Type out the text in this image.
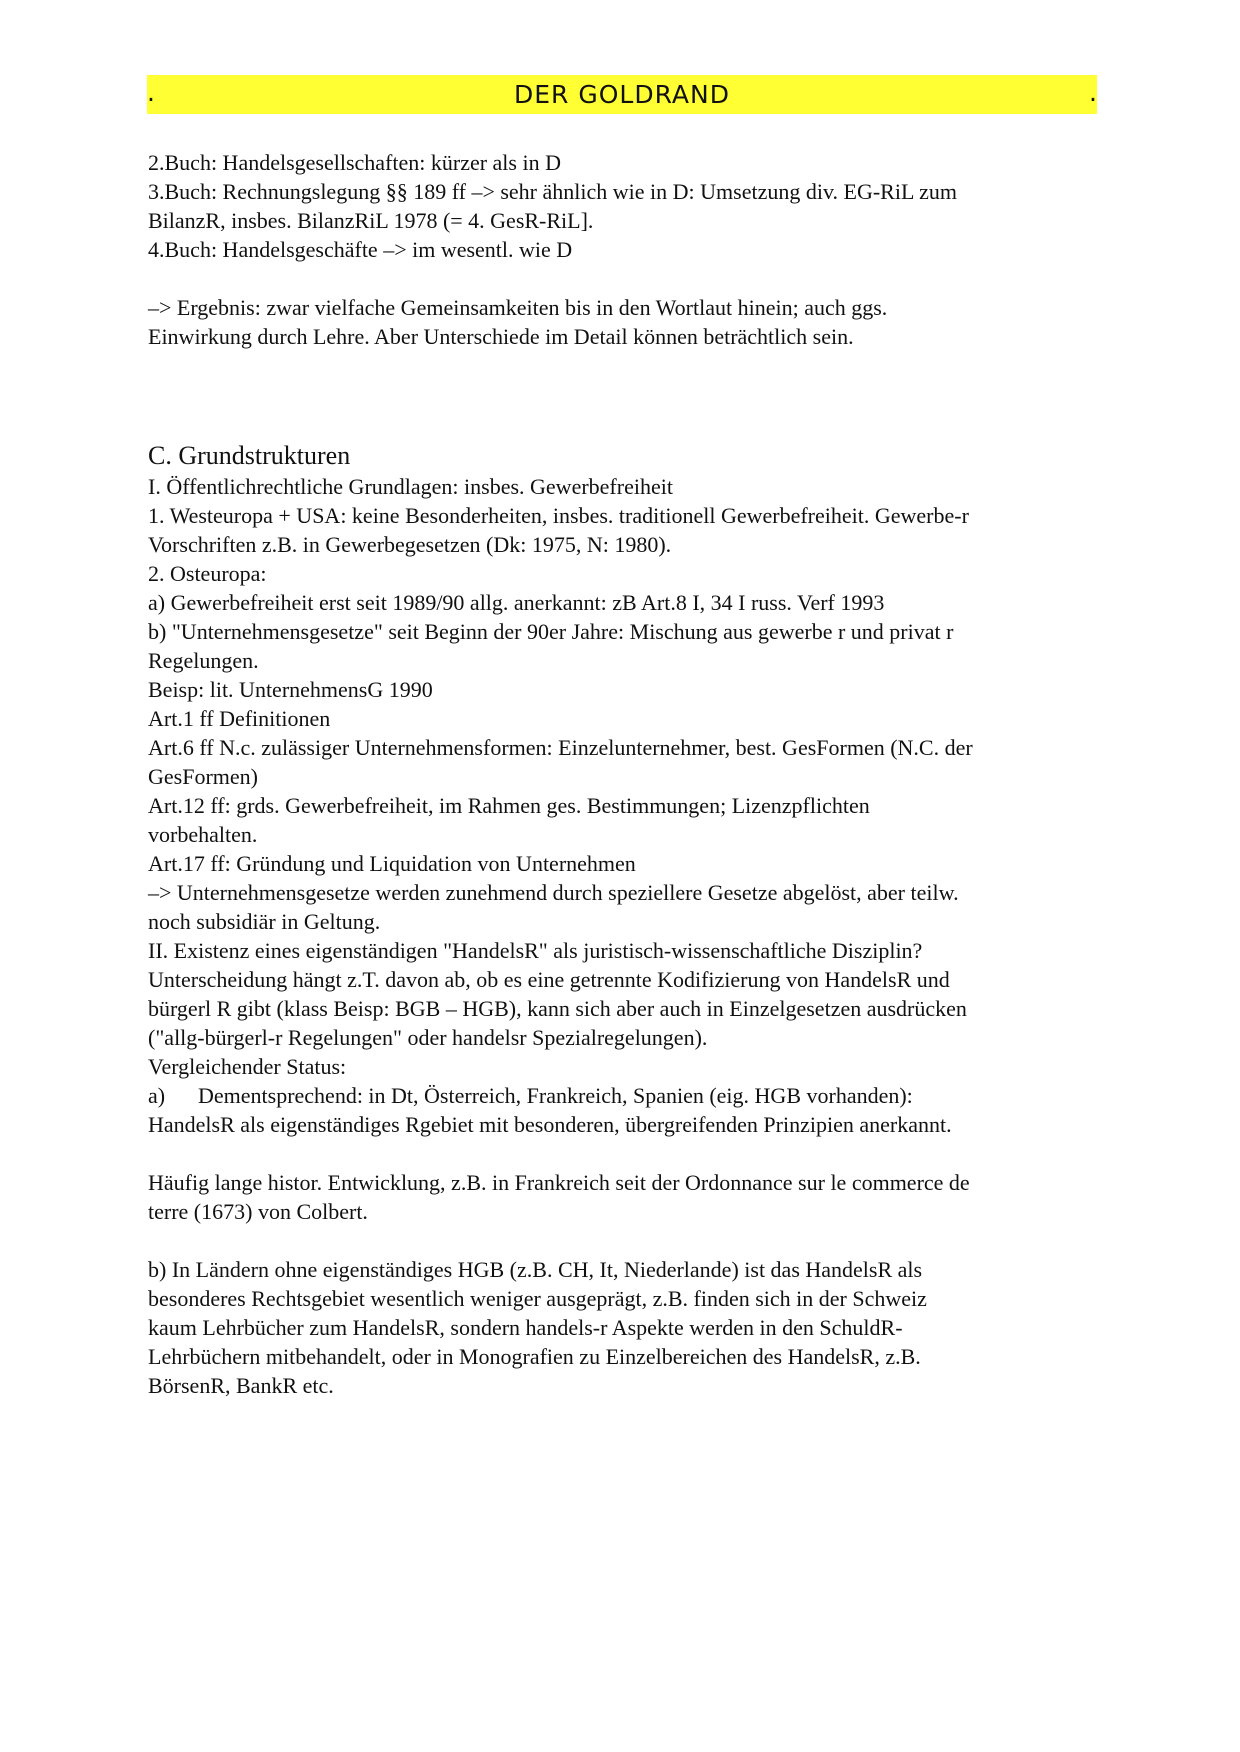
.	DER GOLDRAND	.
2.Buch: Handelsgesellschaften: kürzer als in D
3.Buch: Rechnungslegung §§ 189 ff –> sehr ähnlich wie in D: Umsetzung div. EG-RiL zum
BilanzR, insbes. BilanzRiL 1978 (= 4. GesR-RiL].
4.Buch: Handelsgeschäfte –> im wesentl. wie D
–> Ergebnis: zwar vielfache Gemeinsamkeiten bis in den Wortlaut hinein; auch ggs.
Einwirkung durch Lehre. Aber Unterschiede im Detail können beträchtlich sein.
C. Grundstrukturen
I. Öffentlichrechtliche Grundlagen: insbes. Gewerbefreiheit
1. Westeuropa + USA: keine Besonderheiten, insbes. traditionell Gewerbefreiheit. Gewerbe-r
Vorschriften z.B. in Gewerbegesetzen (Dk: 1975, N: 1980).
2. Osteuropa:
a) Gewerbefreiheit erst seit 1989/90 allg. anerkannt: zB Art.8 I, 34 I russ. Verf 1993
b) "Unternehmensgesetze" seit Beginn der 90er Jahre: Mischung aus gewerbe r und privat r
Regelungen.
Beisp: lit. UnternehmensG 1990
Art.1 ff Definitionen
Art.6 ff N.c. zulässiger Unternehmensformen: Einzelunternehmer, best. GesFormen (N.C. der
GesFormen)
Art.12 ff: grds. Gewerbefreiheit, im Rahmen ges. Bestimmungen; Lizenzpflichten
vorbehalten.
Art.17 ff: Gründung und Liquidation von Unternehmen
–> Unternehmensgesetze werden zunehmend durch speziellere Gesetze abgelöst, aber teilw.
noch subsidiär in Geltung.
II. Existenz eines eigenständigen "HandelsR" als juristisch-wissenschaftliche Disziplin?
Unterscheidung hängt z.T. davon ab, ob es eine getrennte Kodifizierung von HandelsR und
bürgerl R gibt (klass Beisp: BGB – HGB), kann sich aber auch in Einzelgesetzen ausdrücken
("allg-bürgerl-r Regelungen" oder handelsr Spezialregelungen).
Vergleichender Status:
a) Dementsprechend: in Dt, Österreich, Frankreich, Spanien (eig. HGB vorhanden):
HandelsR als eigenständiges Rgebiet mit besonderen, übergreifenden Prinzipien anerkannt.
Häufig lange histor. Entwicklung, z.B. in Frankreich seit der Ordonnance sur le commerce de
terre (1673) von Colbert.
b) In Ländern ohne eigenständiges HGB (z.B. CH, It, Niederlande) ist das HandelsR als
besonderes Rechtsgebiet wesentlich weniger ausgeprägt, z.B. finden sich in der Schweiz
kaum Lehrbücher zum HandelsR, sondern handels-r Aspekte werden in den SchuldR-
Lehrbüchern mitbehandelt, oder in Monografien zu Einzelbereichen des HandelsR, z.B.
BörsenR, BankR etc.
